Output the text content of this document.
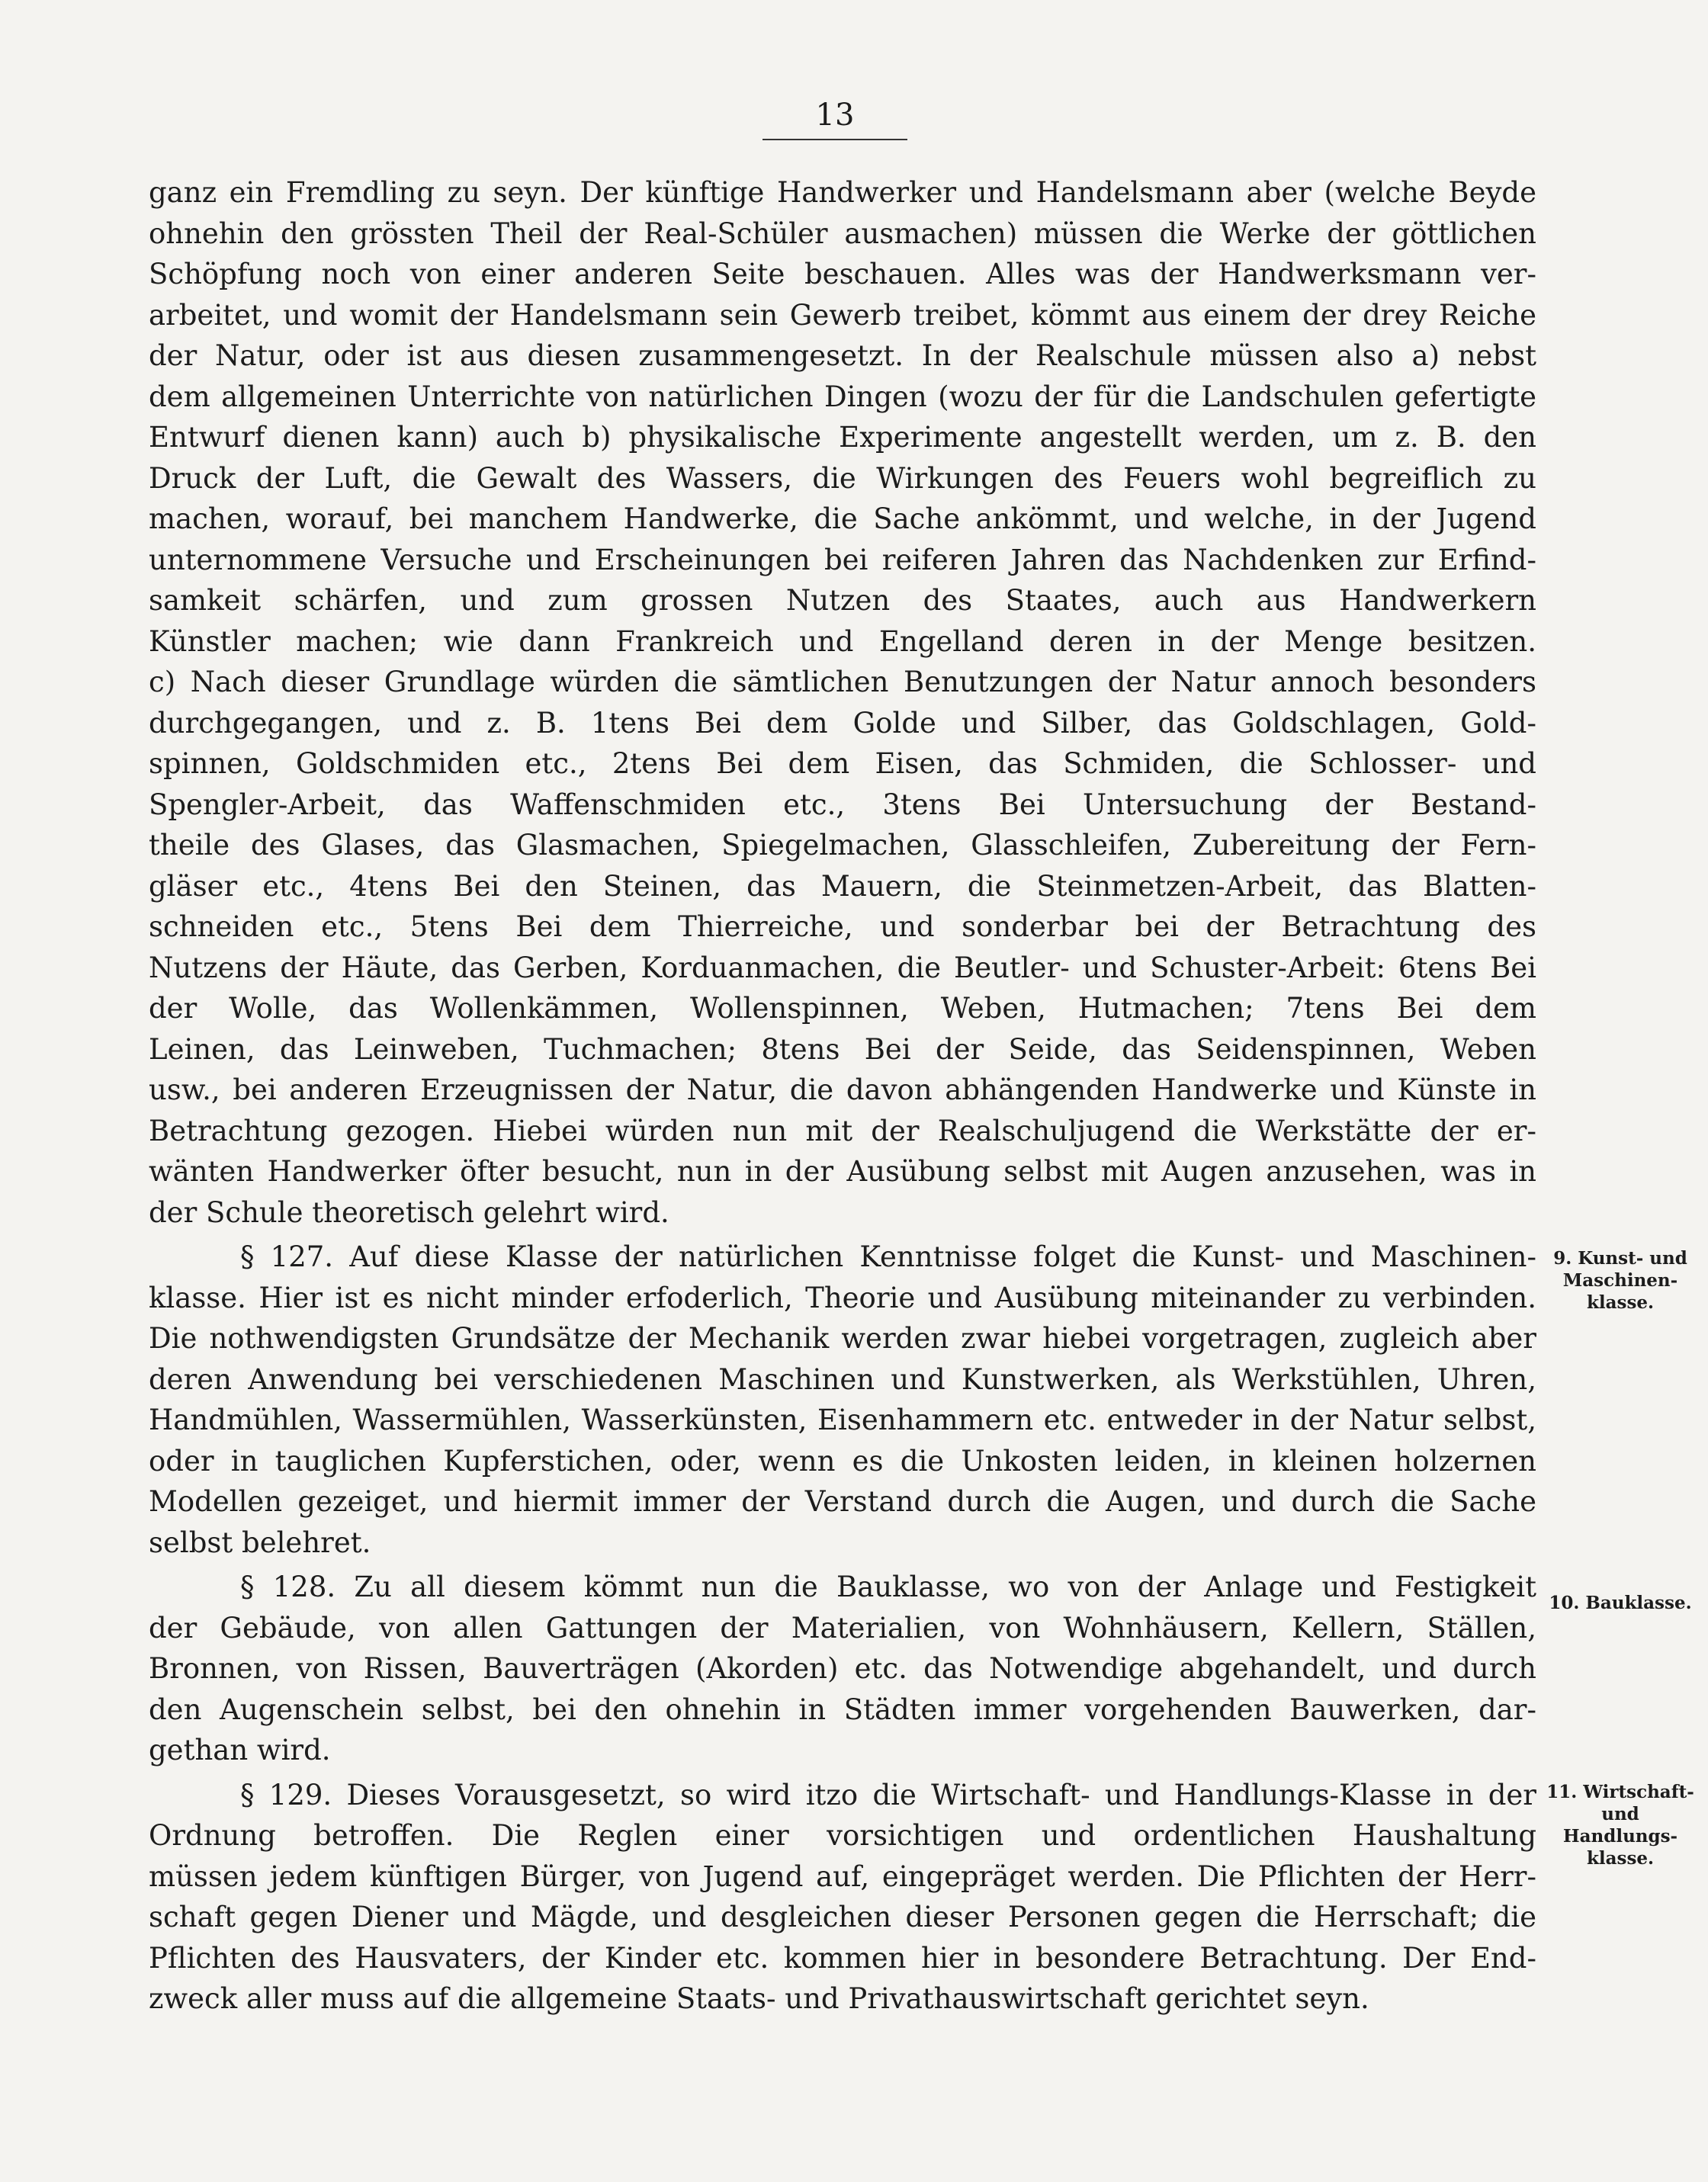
13
ganz ein Fremdling zu seyn. Der künftige Handwerker und Handelsmann aber (welche Beyde
ohnehin den grössten Theil der Real-Schüler ausmachen) müssen die Werke der göttlichen
Schöpfung noch von einer anderen Seite beschauen. Alles was der Handwerksmann ver-
arbeitet, und womit der Handelsmann sein Gewerb treibet, kömmt aus einem der drey Reiche
der Natur, oder ist aus diesen zusammengesetzt. In der Realschule müssen also a) nebst
dem allgemeinen Unterrichte von natürlichen Dingen (wozu der für die Landschulen gefertigte
Entwurf dienen kann) auch b) physikalische Experimente angestellt werden, um z. B. den
Druck der Luft, die Gewalt des Wassers, die Wirkungen des Feuers wohl begreiflich zu
machen, worauf, bei manchem Handwerke, die Sache ankömmt, und welche, in der Jugend
unternommene Versuche und Erscheinungen bei reiferen Jahren das Nachdenken zur Erfind-
samkeit schärfen, und zum grossen Nutzen des Staates, auch aus Handwerkern
Künstler machen; wie dann Frankreich und Engelland deren in der Menge besitzen.
c) Nach dieser Grundlage würden die sämtlichen Benutzungen der Natur annoch besonders
durchgegangen, und z. B. 1tens Bei dem Golde und Silber, das Goldschlagen, Gold-
spinnen, Goldschmiden etc., 2tens Bei dem Eisen, das Schmiden, die Schlosser- und
Spengler-Arbeit, das Waffenschmiden etc., 3tens Bei Untersuchung der Bestand-
theile des Glases, das Glasmachen, Spiegelmachen, Glasschleifen, Zubereitung der Fern-
gläser etc., 4tens Bei den Steinen, das Mauern, die Steinmetzen-Arbeit, das Blatten-
schneiden etc., 5tens Bei dem Thierreiche, und sonderbar bei der Betrachtung des
Nutzens der Häute, das Gerben, Korduanmachen, die Beutler- und Schuster-Arbeit: 6tens Bei
der Wolle, das Wollenkämmen, Wollenspinnen, Weben, Hutmachen; 7tens Bei dem
Leinen, das Leinweben, Tuchmachen; 8tens Bei der Seide, das Seidenspinnen, Weben
usw., bei anderen Erzeugnissen der Natur, die davon abhängenden Handwerke und Künste in
Betrachtung gezogen. Hiebei würden nun mit der Realschuljugend die Werkstätte der er-
wänten Handwerker öfter besucht, nun in der Ausübung selbst mit Augen anzusehen, was in
der Schule theoretisch gelehrt wird.
§ 127. Auf diese Klasse der natürlichen Kenntnisse folget die Kunst- und Maschinen-
klasse. Hier ist es nicht minder erfoderlich, Theorie und Ausübung miteinander zu verbinden.
Die nothwendigsten Grundsätze der Mechanik werden zwar hiebei vorgetragen, zugleich aber
deren Anwendung bei verschiedenen Maschinen und Kunstwerken, als Werkstühlen, Uhren,
Handmühlen, Wassermühlen, Wasserkünsten, Eisenhammern etc. entweder in der Natur selbst,
oder in tauglichen Kupferstichen, oder, wenn es die Unkosten leiden, in kleinen holzernen
Modellen gezeiget, und hiermit immer der Verstand durch die Augen, und durch die Sache
selbst belehret.
§ 128. Zu all diesem kömmt nun die Bauklasse, wo von der Anlage und Festigkeit
der Gebäude, von allen Gattungen der Materialien, von Wohnhäusern, Kellern, Ställen,
Bronnen, von Rissen, Bauverträgen (Akorden) etc. das Notwendige abgehandelt, und durch
den Augenschein selbst, bei den ohnehin in Städten immer vorgehenden Bauwerken, dar-
gethan wird.
§ 129. Dieses Vorausgesetzt, so wird itzo die Wirtschaft- und Handlungs-Klasse in der
Ordnung betroffen. Die Reglen einer vorsichtigen und ordentlichen Haushaltung
müssen jedem künftigen Bürger, von Jugend auf, eingepräget werden. Die Pflichten der Herr-
schaft gegen Diener und Mägde, und desgleichen dieser Personen gegen die Herrschaft; die
Pflichten des Hausvaters, der Kinder etc. kommen hier in besondere Betrachtung. Der End-
zweck aller muss auf die allgemeine Staats- und Privathauswirtschaft gerichtet seyn.
9. Kunst- und Maschinen-klasse.
10. Bauklasse.
11. Wirtschaft- und Handlungs-klasse.
